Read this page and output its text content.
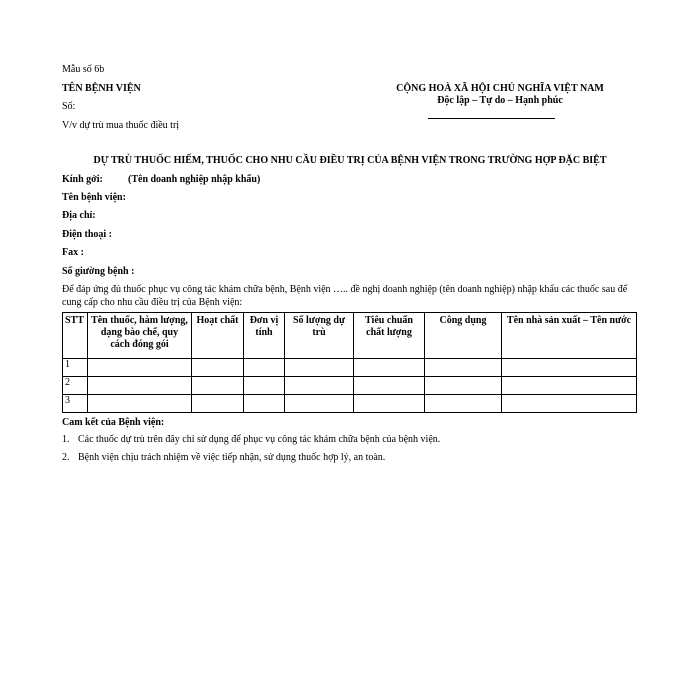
Mẫu số 6b
TÊN BỆNH VIỆN
Số:
V/v dự trù mua thuốc điều trị
CỘNG HOÀ XÃ HỘI CHỦ NGHĨA VIỆT NAM
Độc lập – Tự do – Hạnh phúc
DỰ TRÙ THUỐC HIẾM, THUỐC CHO NHU CẦU ĐIỀU TRỊ CỦA BỆNH VIỆN TRONG TRƯỜNG HỢP ĐẶC BIỆT
Kính gởi:	(Tên doanh nghiệp nhập khẩu)
Tên bệnh viện:
Địa chỉ:
Điện thoại :
Fax :
Số giường bệnh :
Để đáp ứng đủ thuốc phục vụ công tác khám chữa bệnh, Bệnh viện ….. đề nghị doanh nghiệp (tên doanh nghiệp) nhập khẩu các thuốc sau để cung cấp cho nhu cầu điều trị của Bệnh viện:
STT	Tên thuốc, hàm lượng, dạng bào chế, quy cách đóng gói	Hoạt chất	Đơn vị tính	Số lượng dự trù	Tiêu chuẩn chất lượng	Công dụng	Tên nhà sản xuất – Tên nước
1							
2							
3							
Cam kết của Bệnh viện:
1. Các thuốc dự trù trên đây chỉ sử dụng để phục vụ công tác khám chữa bệnh của bệnh viện.
2. Bệnh viện chịu trách nhiệm về việc tiếp nhận, sử dụng thuốc hợp lý, an toàn.
